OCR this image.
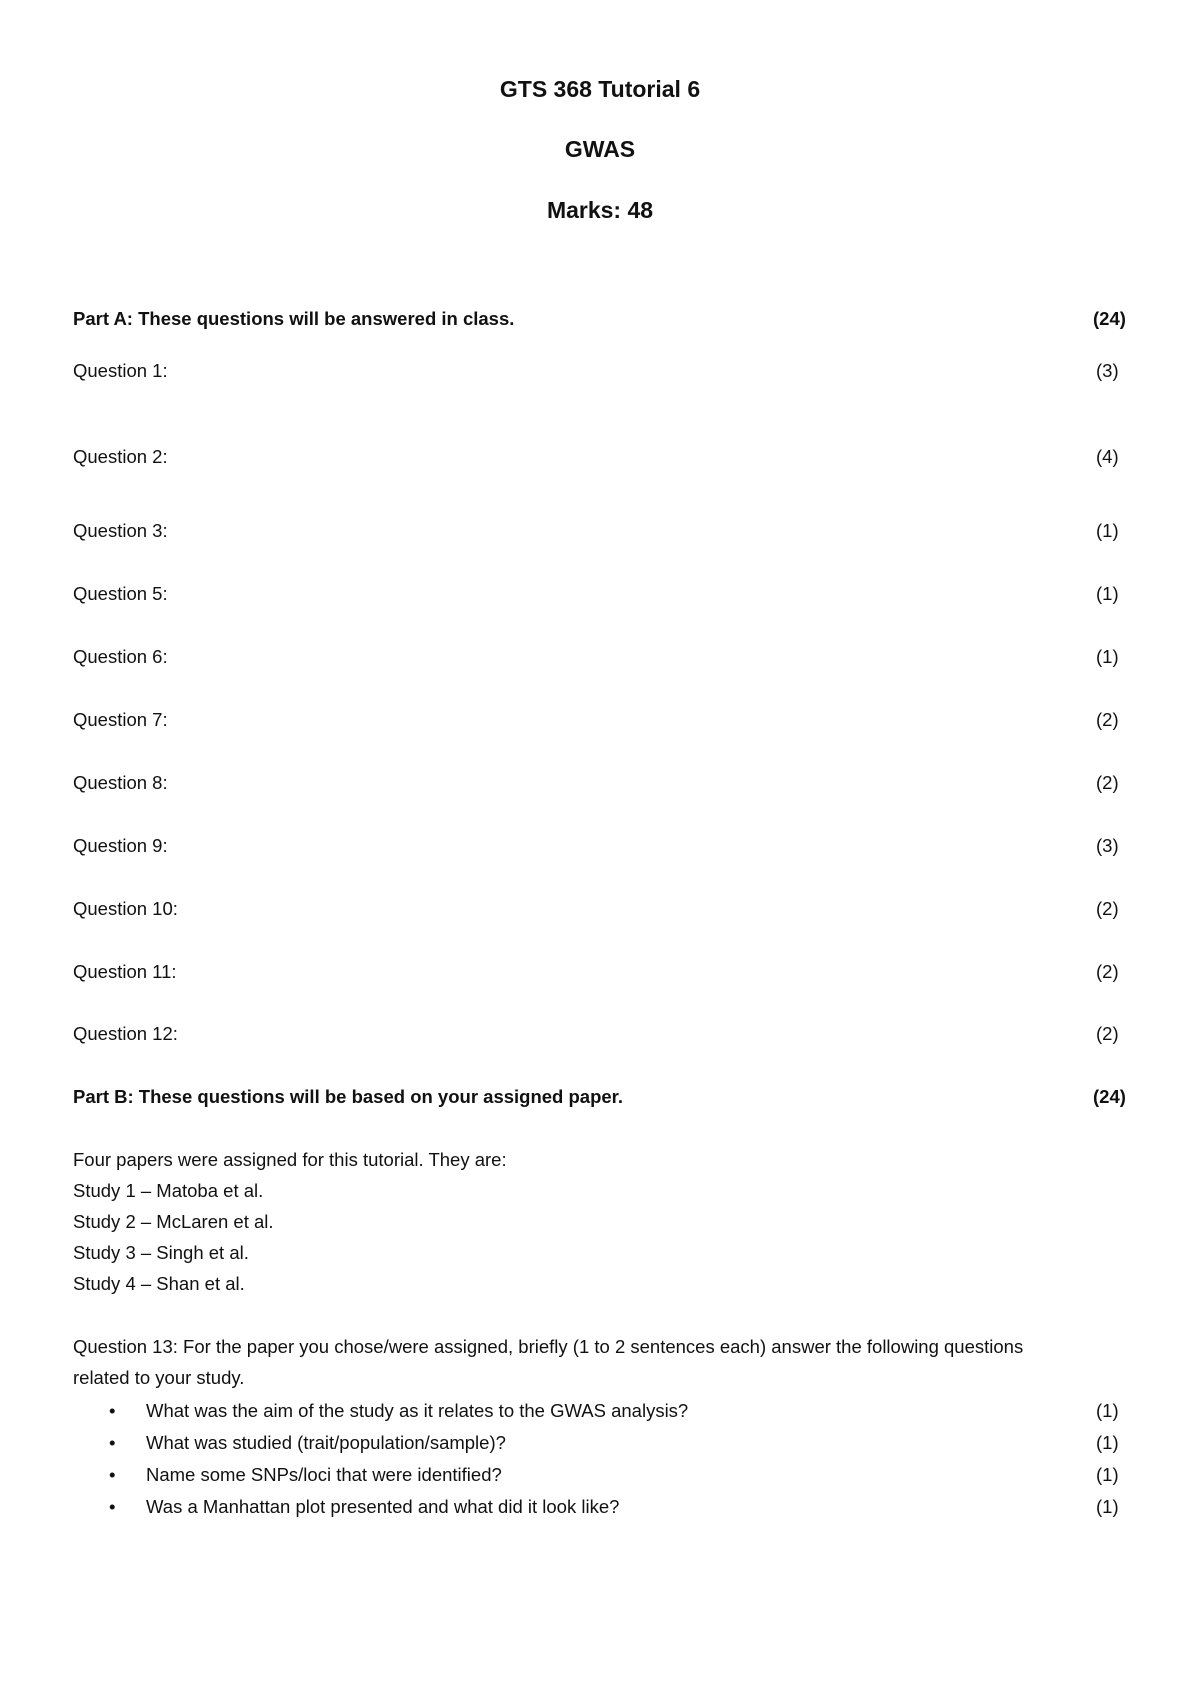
GTS 368 Tutorial 6
GWAS
Marks: 48
Part A: These questions will be answered in class.	(24)
Question 1:	(3)
Question 2:	(4)
Question 3:	(1)
Question 5:	(1)
Question 6:	(1)
Question 7:	(2)
Question 8:	(2)
Question 9:	(3)
Question 10:	(2)
Question 11:	(2)
Question 12:	(2)
Part B: These questions will be based on your assigned paper.	(24)
Four papers were assigned for this tutorial. They are:
Study 1 – Matoba et al.
Study 2 – McLaren et al.
Study 3 – Singh et al.
Study 4 – Shan et al.
Question 13: For the paper you chose/were assigned, briefly (1 to 2 sentences each) answer the following questions
related to your study.
• What was the aim of the study as it relates to the GWAS analysis?	(1)
• What was studied (trait/population/sample)?	(1)
• Name some SNPs/loci that were identified?	(1)
• Was a Manhattan plot presented and what did it look like?	(1)
